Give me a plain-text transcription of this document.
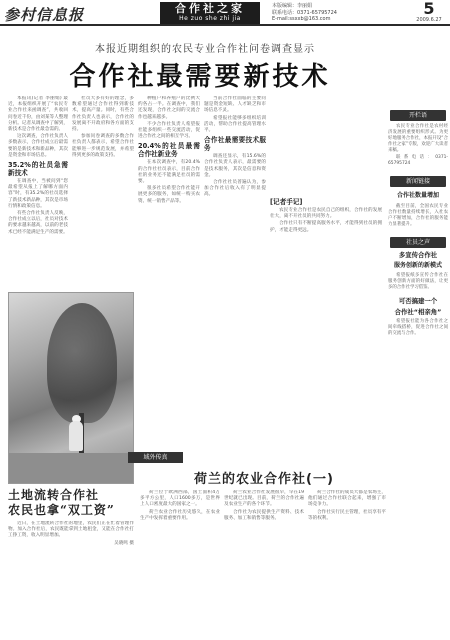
参村信息报	合作社之家
He zuo she zhi jia
本版编辑：李丽娟
联系电话：0371-65795724
E-mail:ssxxb@163.com
5
2009.6.27
本报近期组织的农民专业合作社问卷调查显示
合作社最需要新技术

本报讯(记者 李丽娟) 最近，本报组织开展了“农民专业合作社来函调查”，共收回问卷近千份，由刘某等人整理分析。记者从调查中了解到，新技术是合作社最急需的。

这次调查，合作社负责人多数表示，合作社成立后最需要的是新技术和新品种，其次是资金和市场信息。

35.2%的社员急需新技术

在调查中，当被问到“您最希望从报上了解哪方面内容”时，有35.2%的社员选择了新技术新品种，其次是市场行情和政策信息。

有些合作社负责人反映，合作社成立以后，社员对技术的要求越来越高，以前的老技术已经不能满足生产的需要。

社员大多有好的理念，多数希望通过合作社得到新技术，提高产量。同时，有些合作社负责人也表示，合作社的发展离不开政府和各方面的支持。

参加问卷调查的多数合作社负责人都表示，希望合作社能够进一步规范发展，并希望得到更多的政策支持。

种植户和养殖户的比例大约各占一半。在调查中，我们还发现，合作社之间的交流合作也越来越多。

不少合作社负责人希望报社能多组织一些交流活动，促进合作社之间的相互学习。

20.4%的社员最需合作社新业务

在本次调查中，有20.4%的合作社社员表示，目前合作社的业务还不能满足社员的需要。

很多社员希望合作社能开展更多的服务，如统一购买农资、统一销售产品等。

当前合作社面临的主要问题是资金短缺、人才缺乏和市场信息不灵。

希望报社能够多组织培训活动，帮助合作社提高管理水平。

合作社最需要技术服务

调查还显示，有15.6%的合作社负责人表示，最需要的是技术服务，其次是信息和资金。

合作社社员普遍认为，参加合作社后收入有了明显提高。

[记者手记]

农民专业合作社是农民自己的组织，合作社的发展壮大，离不开社员的共同努力。

合作社只有不断提高服务水平，才能得到社员的拥护，才能走得更远。

土地流转合作社
农民也拿“双工资”

近日，在土地流转合作社的地里，农民们正在忙着管理作物。加入合作社后，农民既能拿到土地租金，又能在合作社打工挣工资，收入明显增加。

吴晓鸣 摄

域外传真
荷兰的农业合作社(一)

荷兰位于欧洲西部，国土面积4万多平方公里，人口1600多万，是世界上人口密度最大的国家之一。

荷兰农业合作社历史悠久，在农业生产中发挥着重要作用。

荷兰农业合作社发展很早，早在19世纪就已出现。目前，荷兰的合作社遍及农业生产的各个环节。

合作社为农民提供生产资料、技术服务、加工和销售等服务。

荷兰合作社的成员大都是农场主，他们通过合作社联合起来，增强了市场竞争力。

合作社实行民主管理，社员享有平等的权利。

开栏语

农民专业合作社是农村经济发展的重要组织形式。为更好地服务合作社，本报开设“合作社之家”专版，欢迎广大读者来稿。

联系电话：0371-65795724

新闻链接
合作社数量增加

截至目前，全国农民专业合作社数量持续增长，入社农户不断增加，合作社的服务能力显著提升。

社员之声
多宣传合作社
服务创新的新模式

希望报纸多宣传合作社在服务创新方面的好做法，让更多的合作社学习借鉴。

可否搞建一个
合作社“相亲角”

希望报社能为各合作社之间牵线搭桥，促进合作社之间的交流与合作。
